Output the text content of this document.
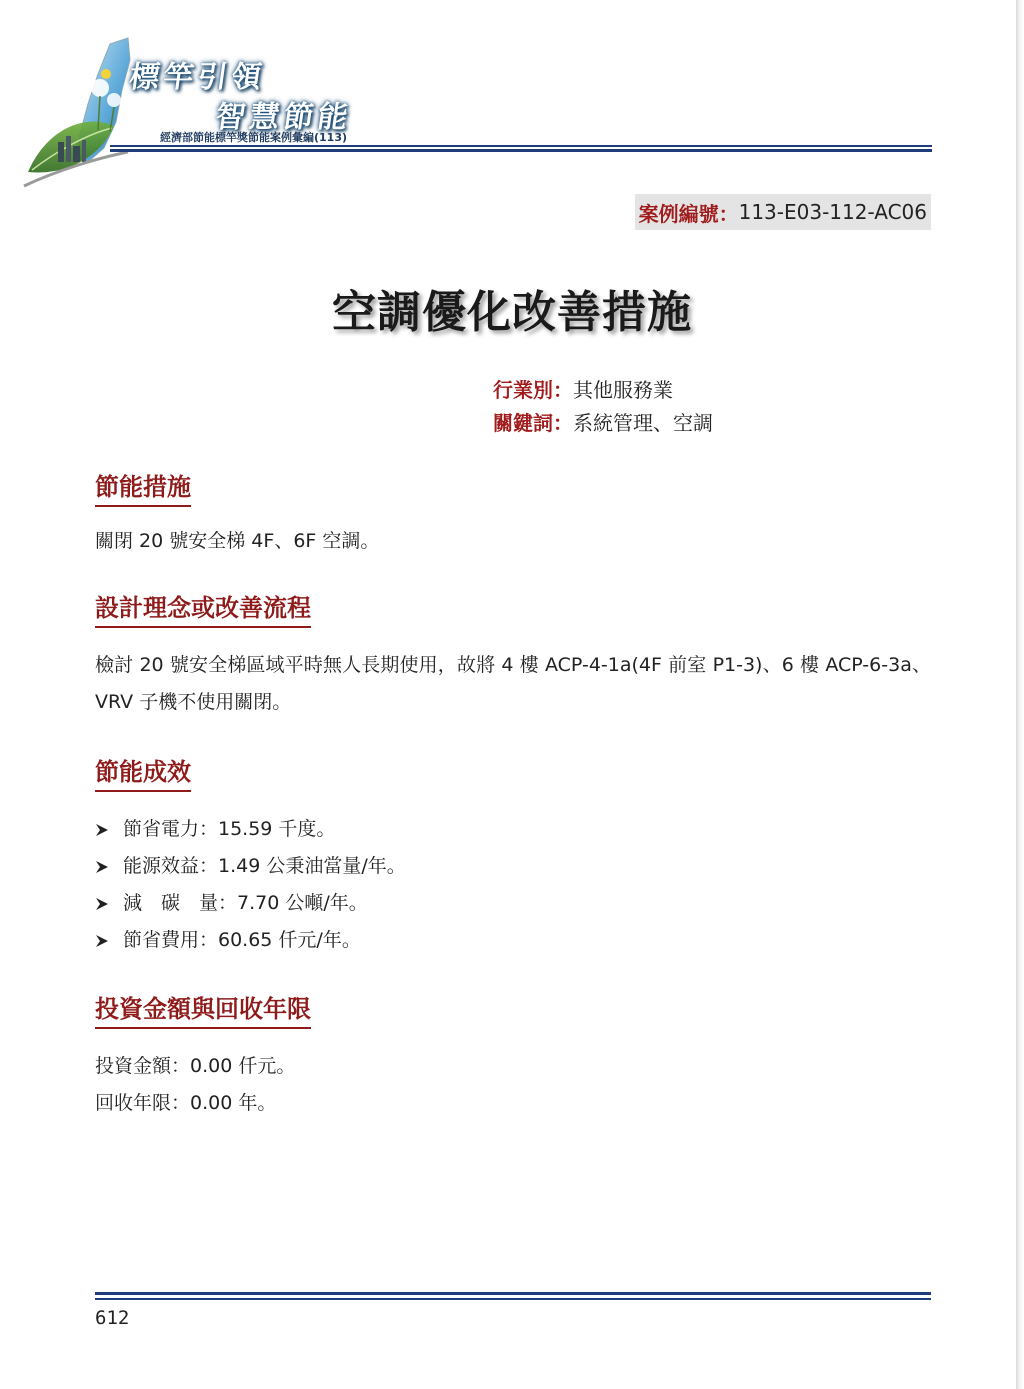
標竿引領
智慧節能
經濟部節能標竿獎節能案例彙編(113)
案例編號： 113-E03-112-AC06
空調優化改善措施
行業別：其他服務業
關鍵詞：系統管理、空調
節能措施
關閉 20 號安全梯 4F、6F 空調。
設計理念或改善流程
檢討 20 號安全梯區域平時無人長期使用，故將 4 樓 ACP-4-1a(4F 前室 P1-3)、6 樓 ACP-6-3a、VRV 子機不使用關閉。
節能成效
節省電力：15.59 千度。
能源效益：1.49 公秉油當量/年。
減　碳　量：7.70 公噸/年。
節省費用：60.65 仟元/年。
投資金額與回收年限
投資金額：0.00 仟元。
回收年限：0.00 年。
612
